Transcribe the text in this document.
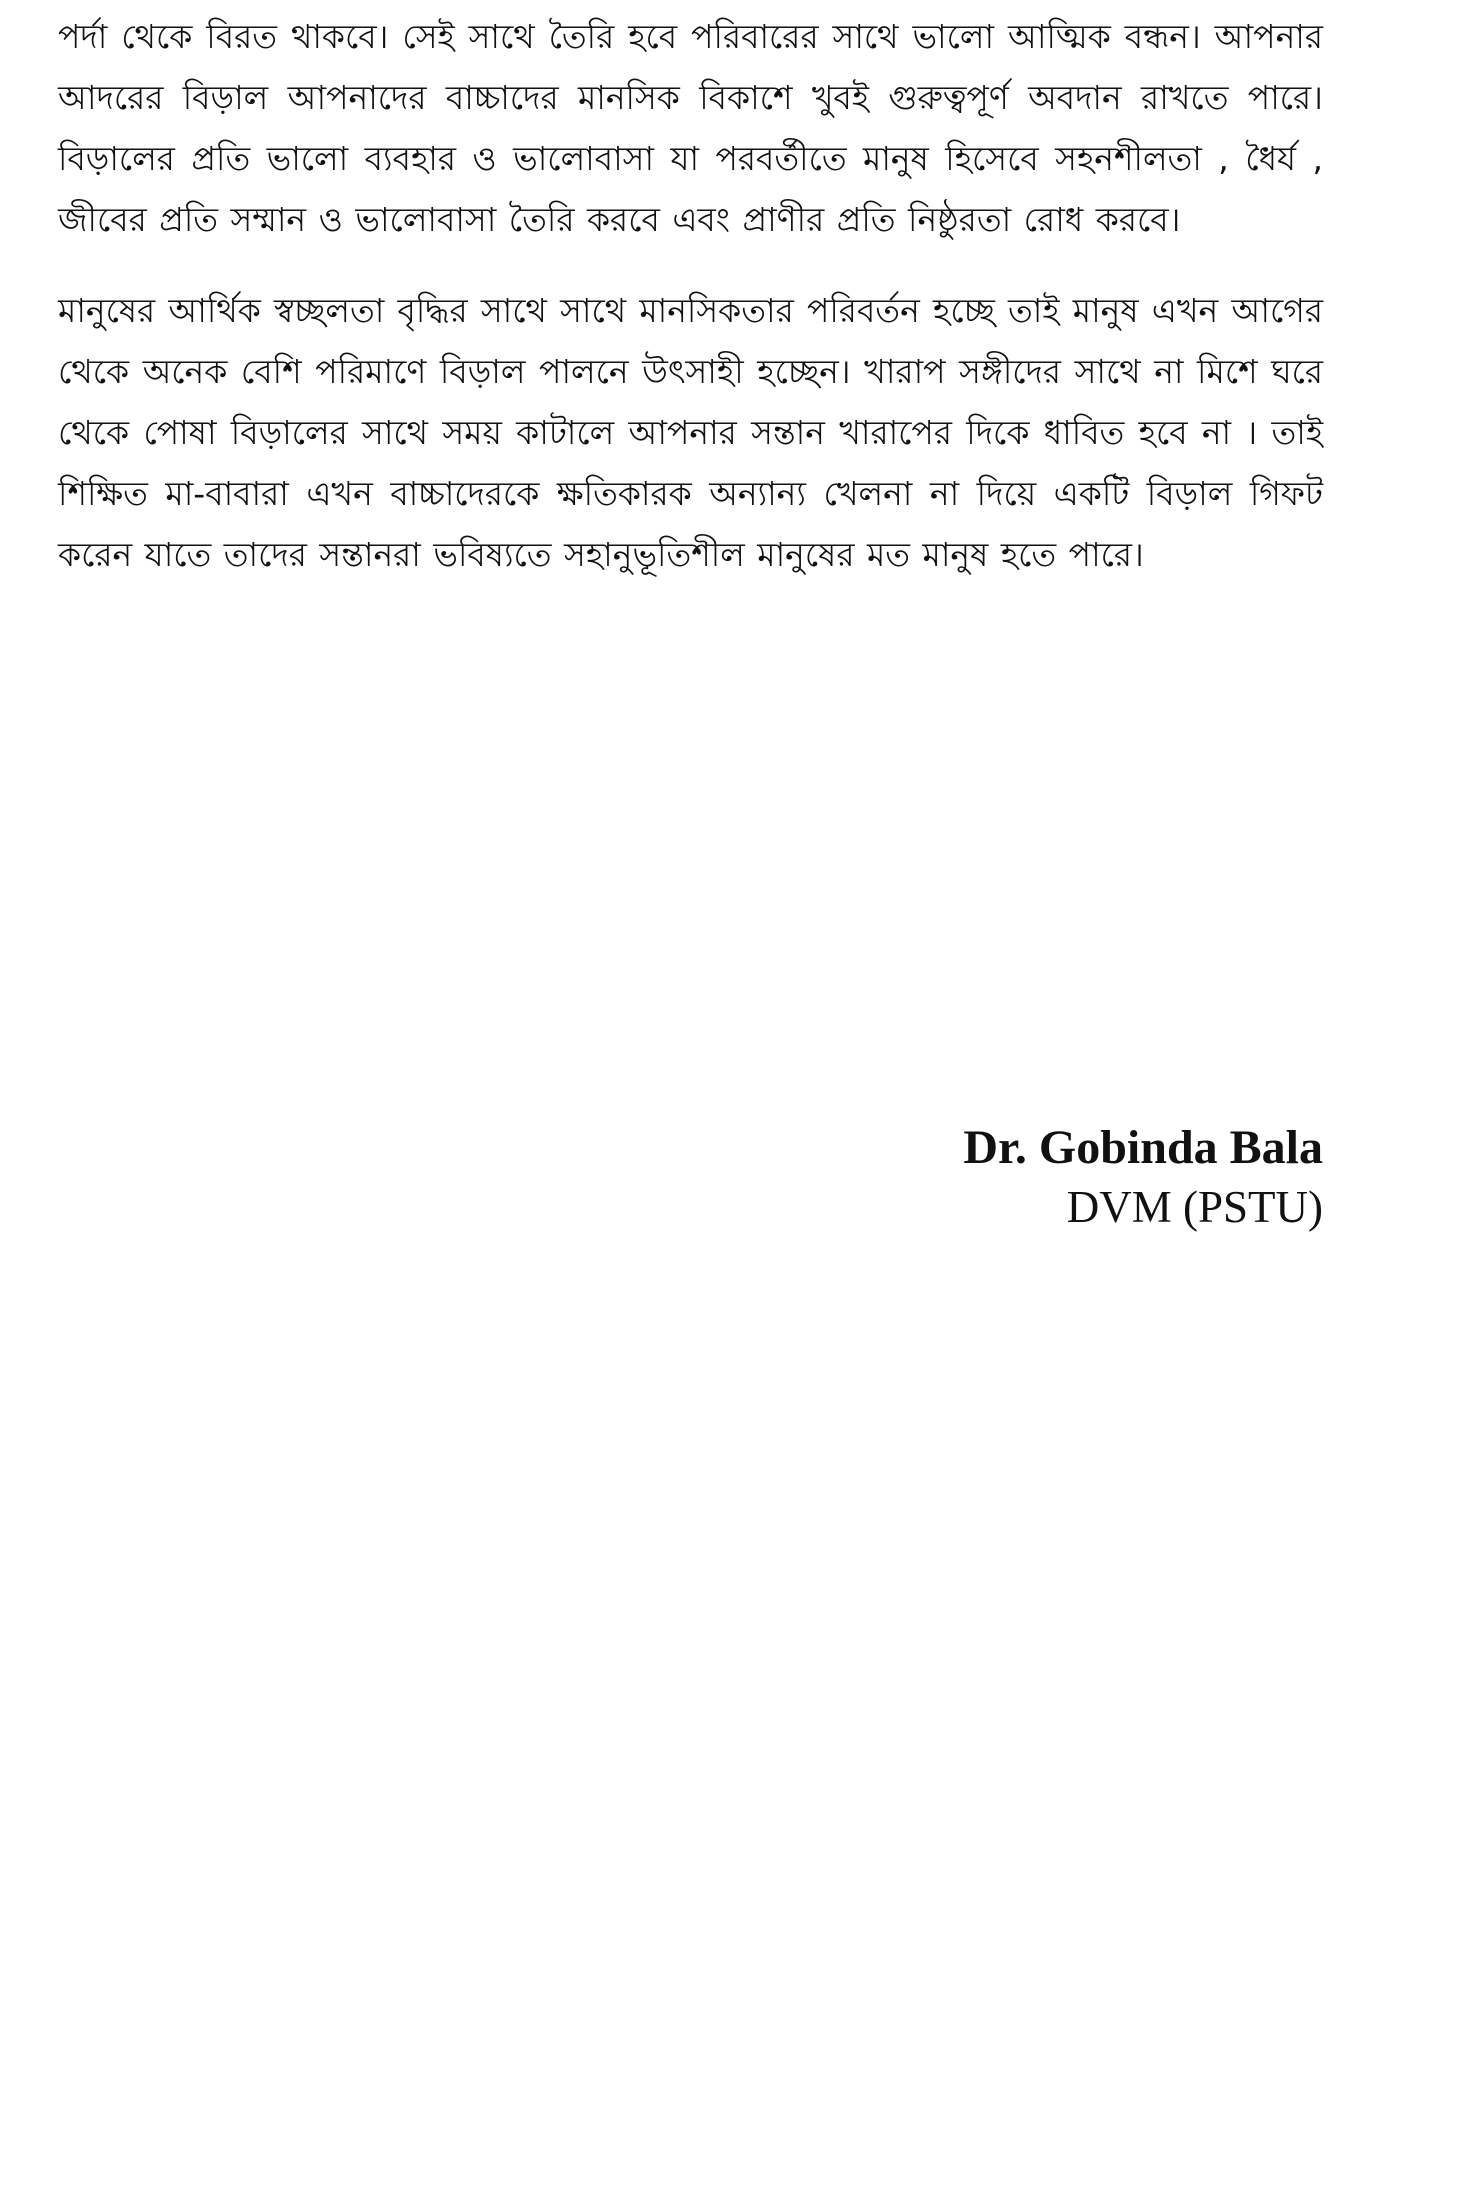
পর্দা থেকে বিরত থাকবে। সেই সাথে তৈরি হবে পরিবারের সাথে ভালো আত্মিক বন্ধন। আপনার আদরের বিড়াল আপনাদের বাচ্চাদের মানসিক বিকাশে খুবই গুরুত্বপূর্ণ অবদান রাখতে পারে। বিড়ালের প্রতি ভালো ব্যবহার ও ভালোবাসা যা পরবর্তীতে মানুষ হিসেবে সহনশীলতা , ধৈর্য , জীবের প্রতি সম্মান ও ভালোবাসা তৈরি করবে এবং প্রাণীর প্রতি নিষ্ঠুরতা রোধ করবে।

মানুষের আর্থিক স্বচ্ছলতা বৃদ্ধির সাথে সাথে মানসিকতার পরিবর্তন হচ্ছে তাই মানুষ এখন আগের থেকে অনেক বেশি পরিমাণে বিড়াল পালনে উৎসাহী হচ্ছেন। খারাপ সঙ্গীদের সাথে না মিশে ঘরে থেকে পোষা বিড়ালের সাথে সময় কাটালে আপনার সন্তান খারাপের দিকে ধাবিত হবে না । তাই শিক্ষিত মা-বাবারা এখন বাচ্চাদেরকে ক্ষতিকারক অন্যান্য খেলনা না দিয়ে একটি বিড়াল গিফট করেন যাতে তাদের সন্তানরা ভবিষ্যতে সহানুভূতিশীল মানুষের মত মানুষ হতে পারে।

Dr. Gobinda Bala
DVM (PSTU)
